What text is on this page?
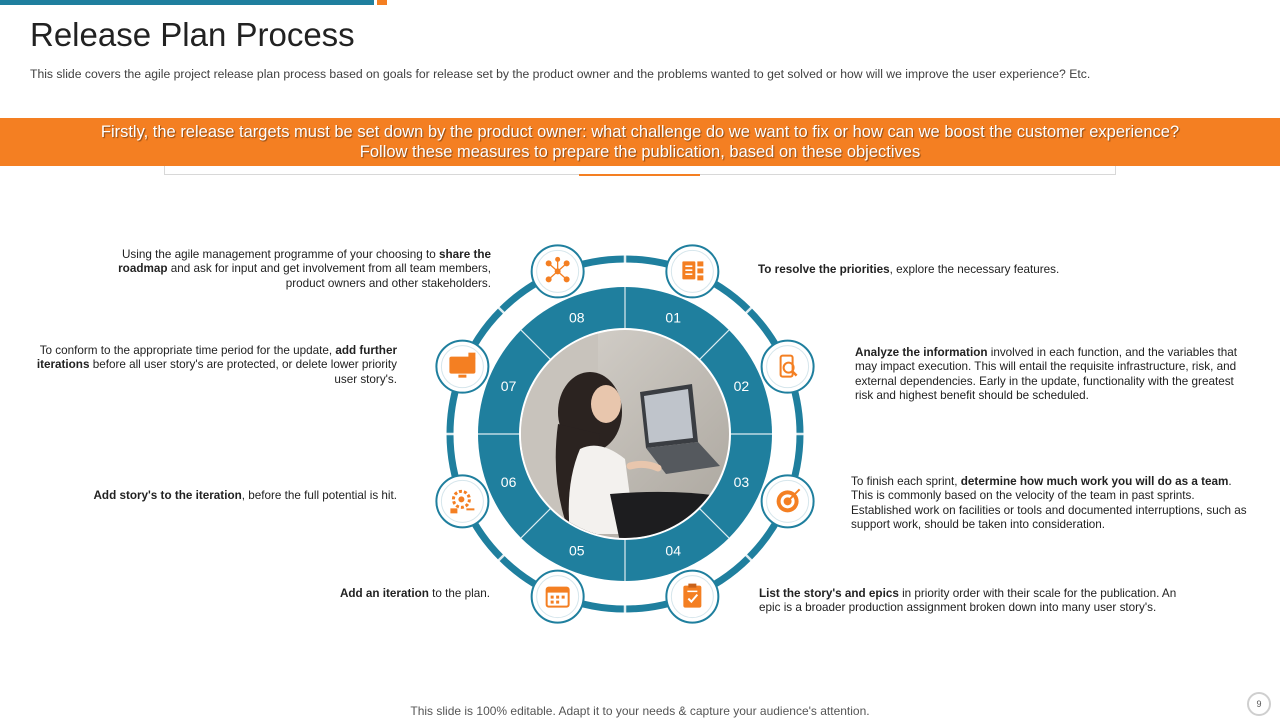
Release Plan Process
This slide covers the agile project release plan process based on goals for release set by the product owner and the problems wanted to get solved or how will we improve the user experience? Etc.
Firstly, the release targets must be set down by the product owner: what challenge do we want to fix or how can we boost the customer experience?
Follow these measures to prepare the publication, based on these objectives
01
02
03
04
05
06
07
08
Using the agile management programme of your choosing to share the roadmap and ask for input and get involvement from all team members, product owners and other stakeholders.
To resolve the priorities, explore the necessary features.
Analyze the information involved in each function, and the variables that may impact execution. This will entail the requisite infrastructure, risk, and external dependencies. Early in the update, functionality with the greatest risk and highest benefit should be scheduled.
To conform to the appropriate time period for the update, add further iterations before all user story's are protected, or delete lower priority user story's.
To finish each sprint, determine how much work you will do as a team. This is commonly based on the velocity of the team in past sprints. Established work on facilities or tools and documented interruptions, such as support work, should be taken into consideration.
Add story's to the iteration, before the full potential is hit.
Add an iteration to the plan.	List the story's and epics in priority order with their scale for the publication. An epic is a broader production assignment broken down into many user story's.
This slide is 100% editable. Adapt it to your needs & capture your audience's attention.	9
